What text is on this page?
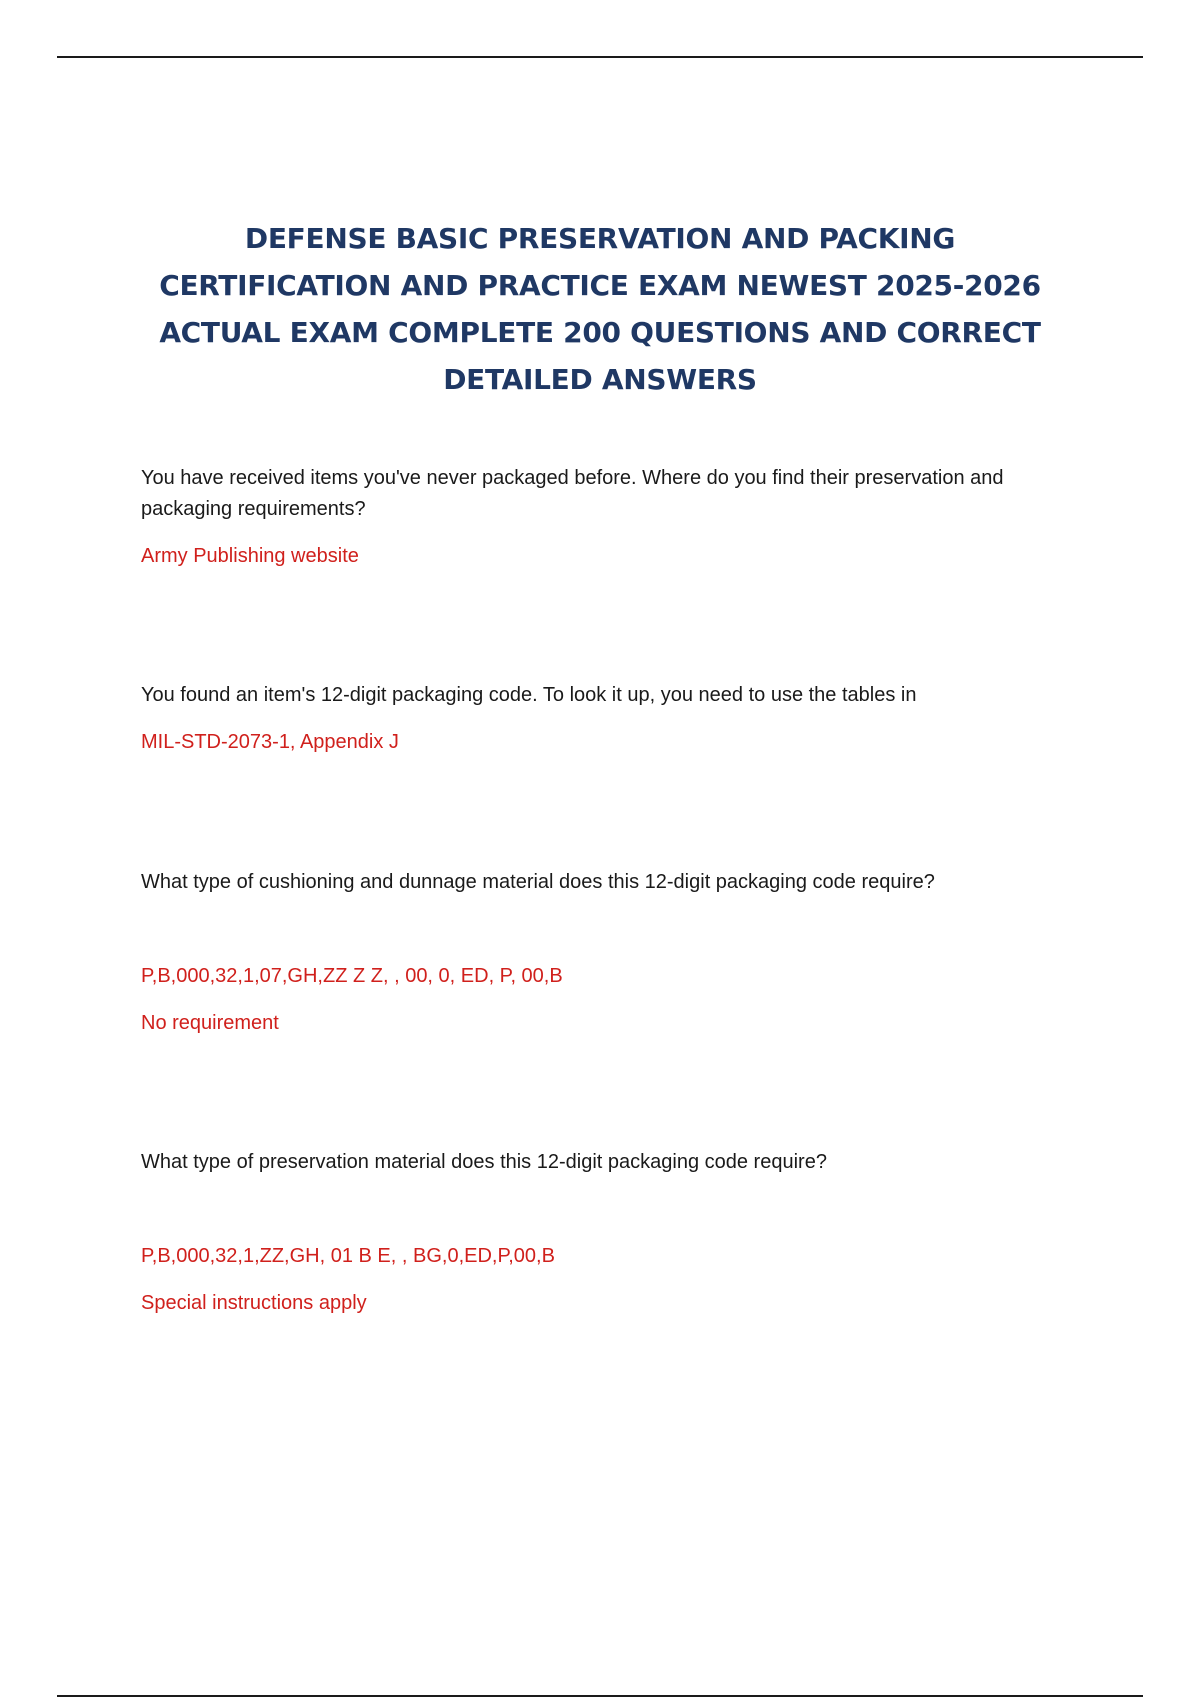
DEFENSE BASIC PRESERVATION AND PACKING CERTIFICATION AND PRACTICE EXAM NEWEST 2025-2026 ACTUAL EXAM COMPLETE 200 QUESTIONS AND CORRECT DETAILED ANSWERS

You have received items you've never packaged before. Where do you find their preservation and packaging requirements?

Army Publishing website

You found an item's 12-digit packaging code. To look it up, you need to use the tables in

MIL-STD-2073-1, Appendix J

What type of cushioning and dunnage material does this 12-digit packaging code require?

P,B,000,32,1,07,GH,ZZ Z Z, , 00, 0, ED, P, 00,B

No requirement

What type of preservation material does this 12-digit packaging code require?

P,B,000,32,1,ZZ,GH, 01 B E, , BG,0,ED,P,00,B

Special instructions apply
